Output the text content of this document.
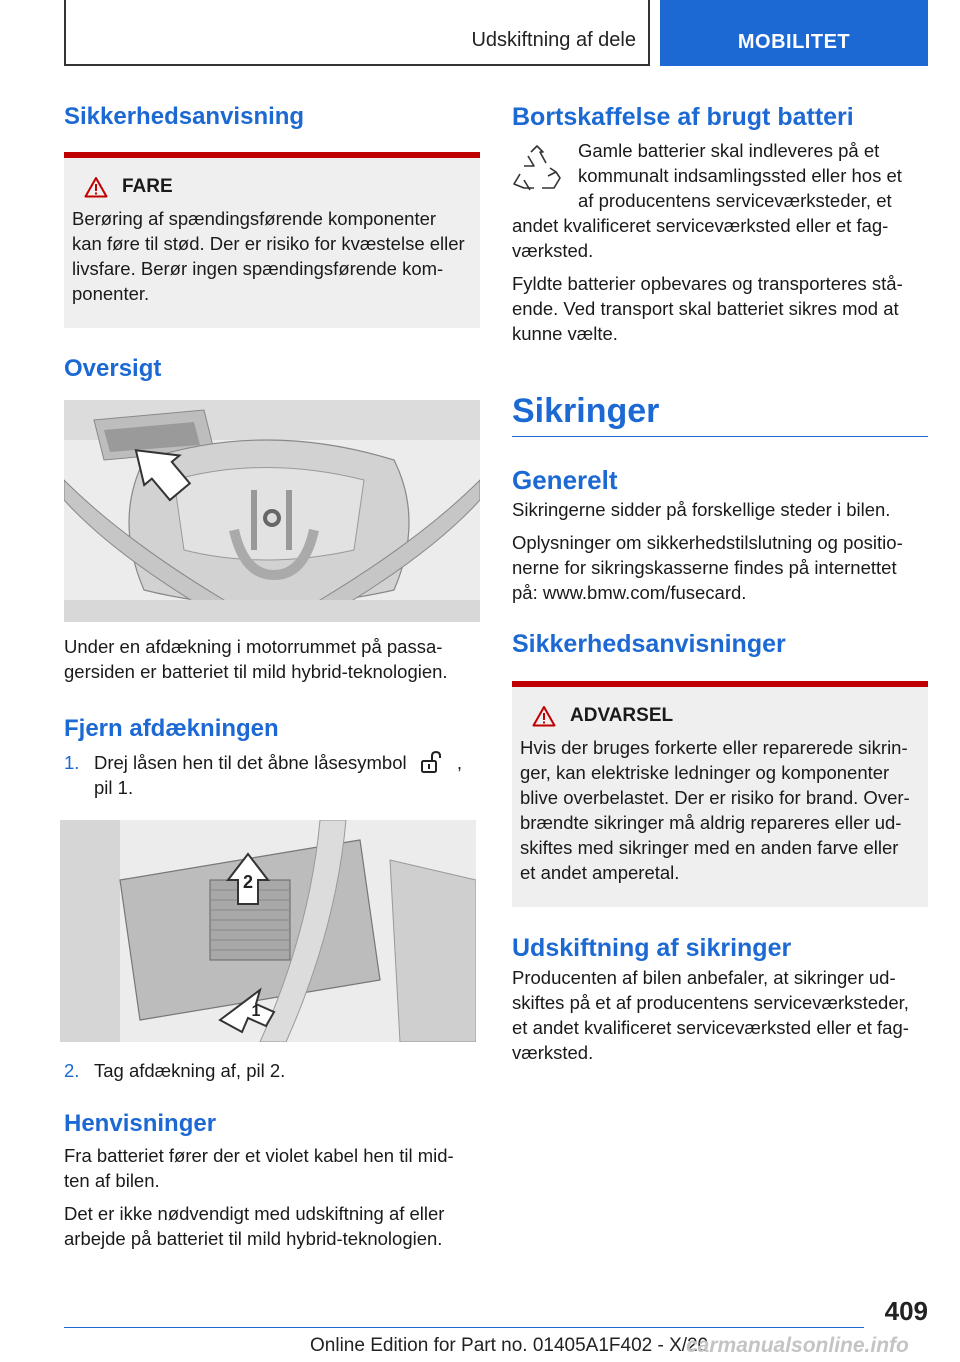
Udskiftning af dele	MOBILITET
Sikkerhedsanvisning
FARE
Berøring af spændingsførende komponenter
kan føre til stød. Der er risiko for kvæstelse eller
livsfare. Berør ingen spændingsførende kom-
ponenter.
Oversigt

Under en afdækning i motorrummet på passa-
gersiden er batteriet til mild hybrid-teknologien.

Fjern afdækningen
1. Drej låsen hen til det åbne låsesymbol	,
pil 1.
2
1
2. Tag afdækning af, pil 2.
Henvisninger

Fra batteriet fører der et violet kabel hen til mid-
ten af bilen.

Det er ikke nødvendigt med udskiftning af eller
arbejde på batteriet til mild hybrid-teknologien.

Bortskaffelse af brugt batteri

Gamle batterier skal indleveres på et
kommunalt indsamlingssted eller hos et
af producentens serviceværksteder, et

andet kvalificeret serviceværksted eller et fag-
værksted.

Fyldte batterier opbevares og transporteres stå-
ende. Ved transport skal batteriet sikres mod at
kunne vælte.

Sikringer
Generelt

Sikringerne sidder på forskellige steder i bilen.

Oplysninger om sikkerhedstilslutning og positio-
nerne for sikringskasserne findes på internettet
på: www.bmw.com/fusecard.

Sikkerhedsanvisninger
ADVARSEL
Hvis der bruges forkerte eller reparerede sikrin-
ger, kan elektriske ledninger og komponenter
blive overbelastet. Der er risiko for brand. Over-
brændte sikringer må aldrig repareres eller ud-
skiftes med sikringer med en anden farve eller
et andet amperetal.
Udskiftning af sikringer

Producenten af bilen anbefaler, at sikringer ud-
skiftes på et af producentens serviceværksteder,
et andet kvalificeret serviceværksted eller et fag-
værksted.

409
Online Edition for Part no. 01405A1F402 - X/20
carmanualsonline.info
